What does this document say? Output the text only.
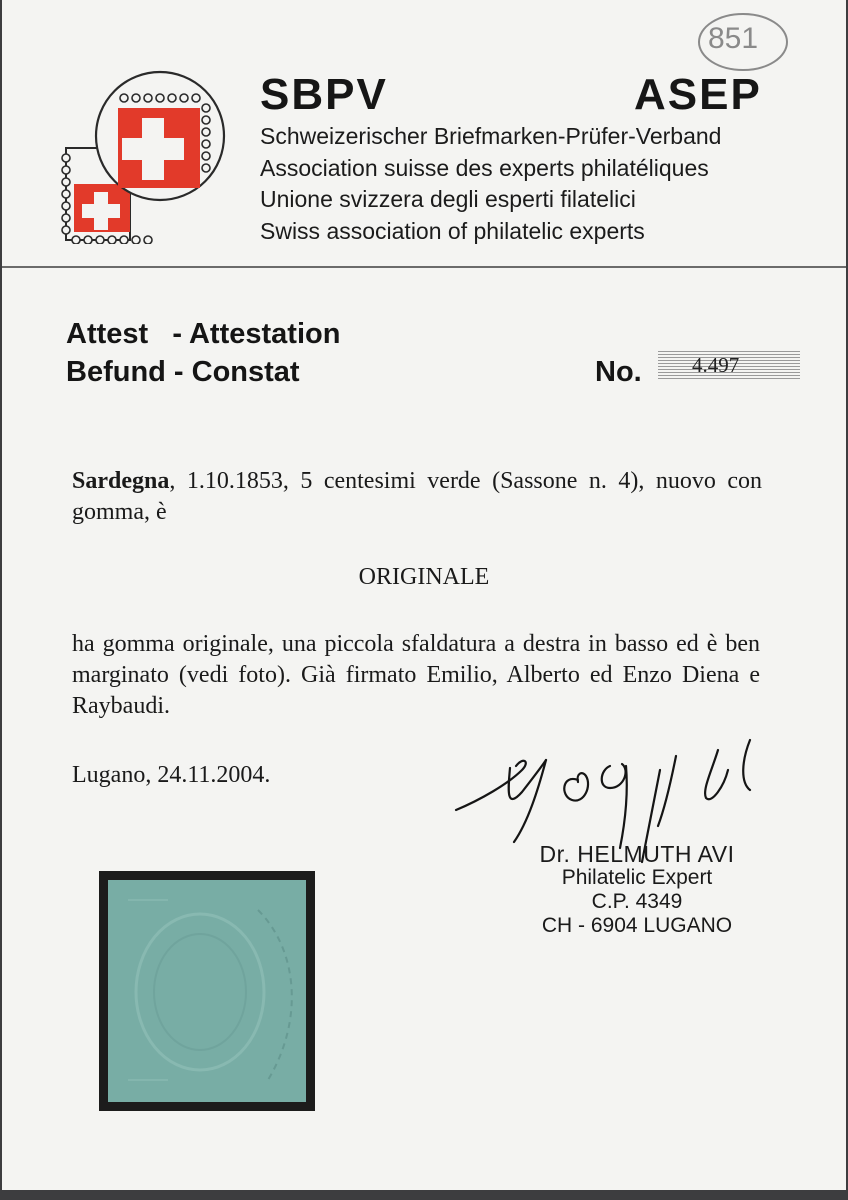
SBPV	ASEP
Schweizerischer Briefmarken-Prüfer-Verband
Association suisse des experts philatéliques
Unione svizzera degli esperti filatelici
Swiss association of philatelic experts
851
Attest   - Attestation
Befund - Constat	No. 4.497
Sardegna, 1.10.1853, 5 centesimi verde (Sassone n. 4), nuovo con gomma, è
ORIGINALE
ha gomma originale, una piccola sfaldatura a destra in basso ed è ben marginato (vedi foto). Già firmato Emilio, Alberto ed Enzo Diena e Raybaudi.
Lugano, 24.11.2004.
Dr. HELMUTH AVI
Philatelic Expert
C.P. 4349
CH - 6904 LUGANO
